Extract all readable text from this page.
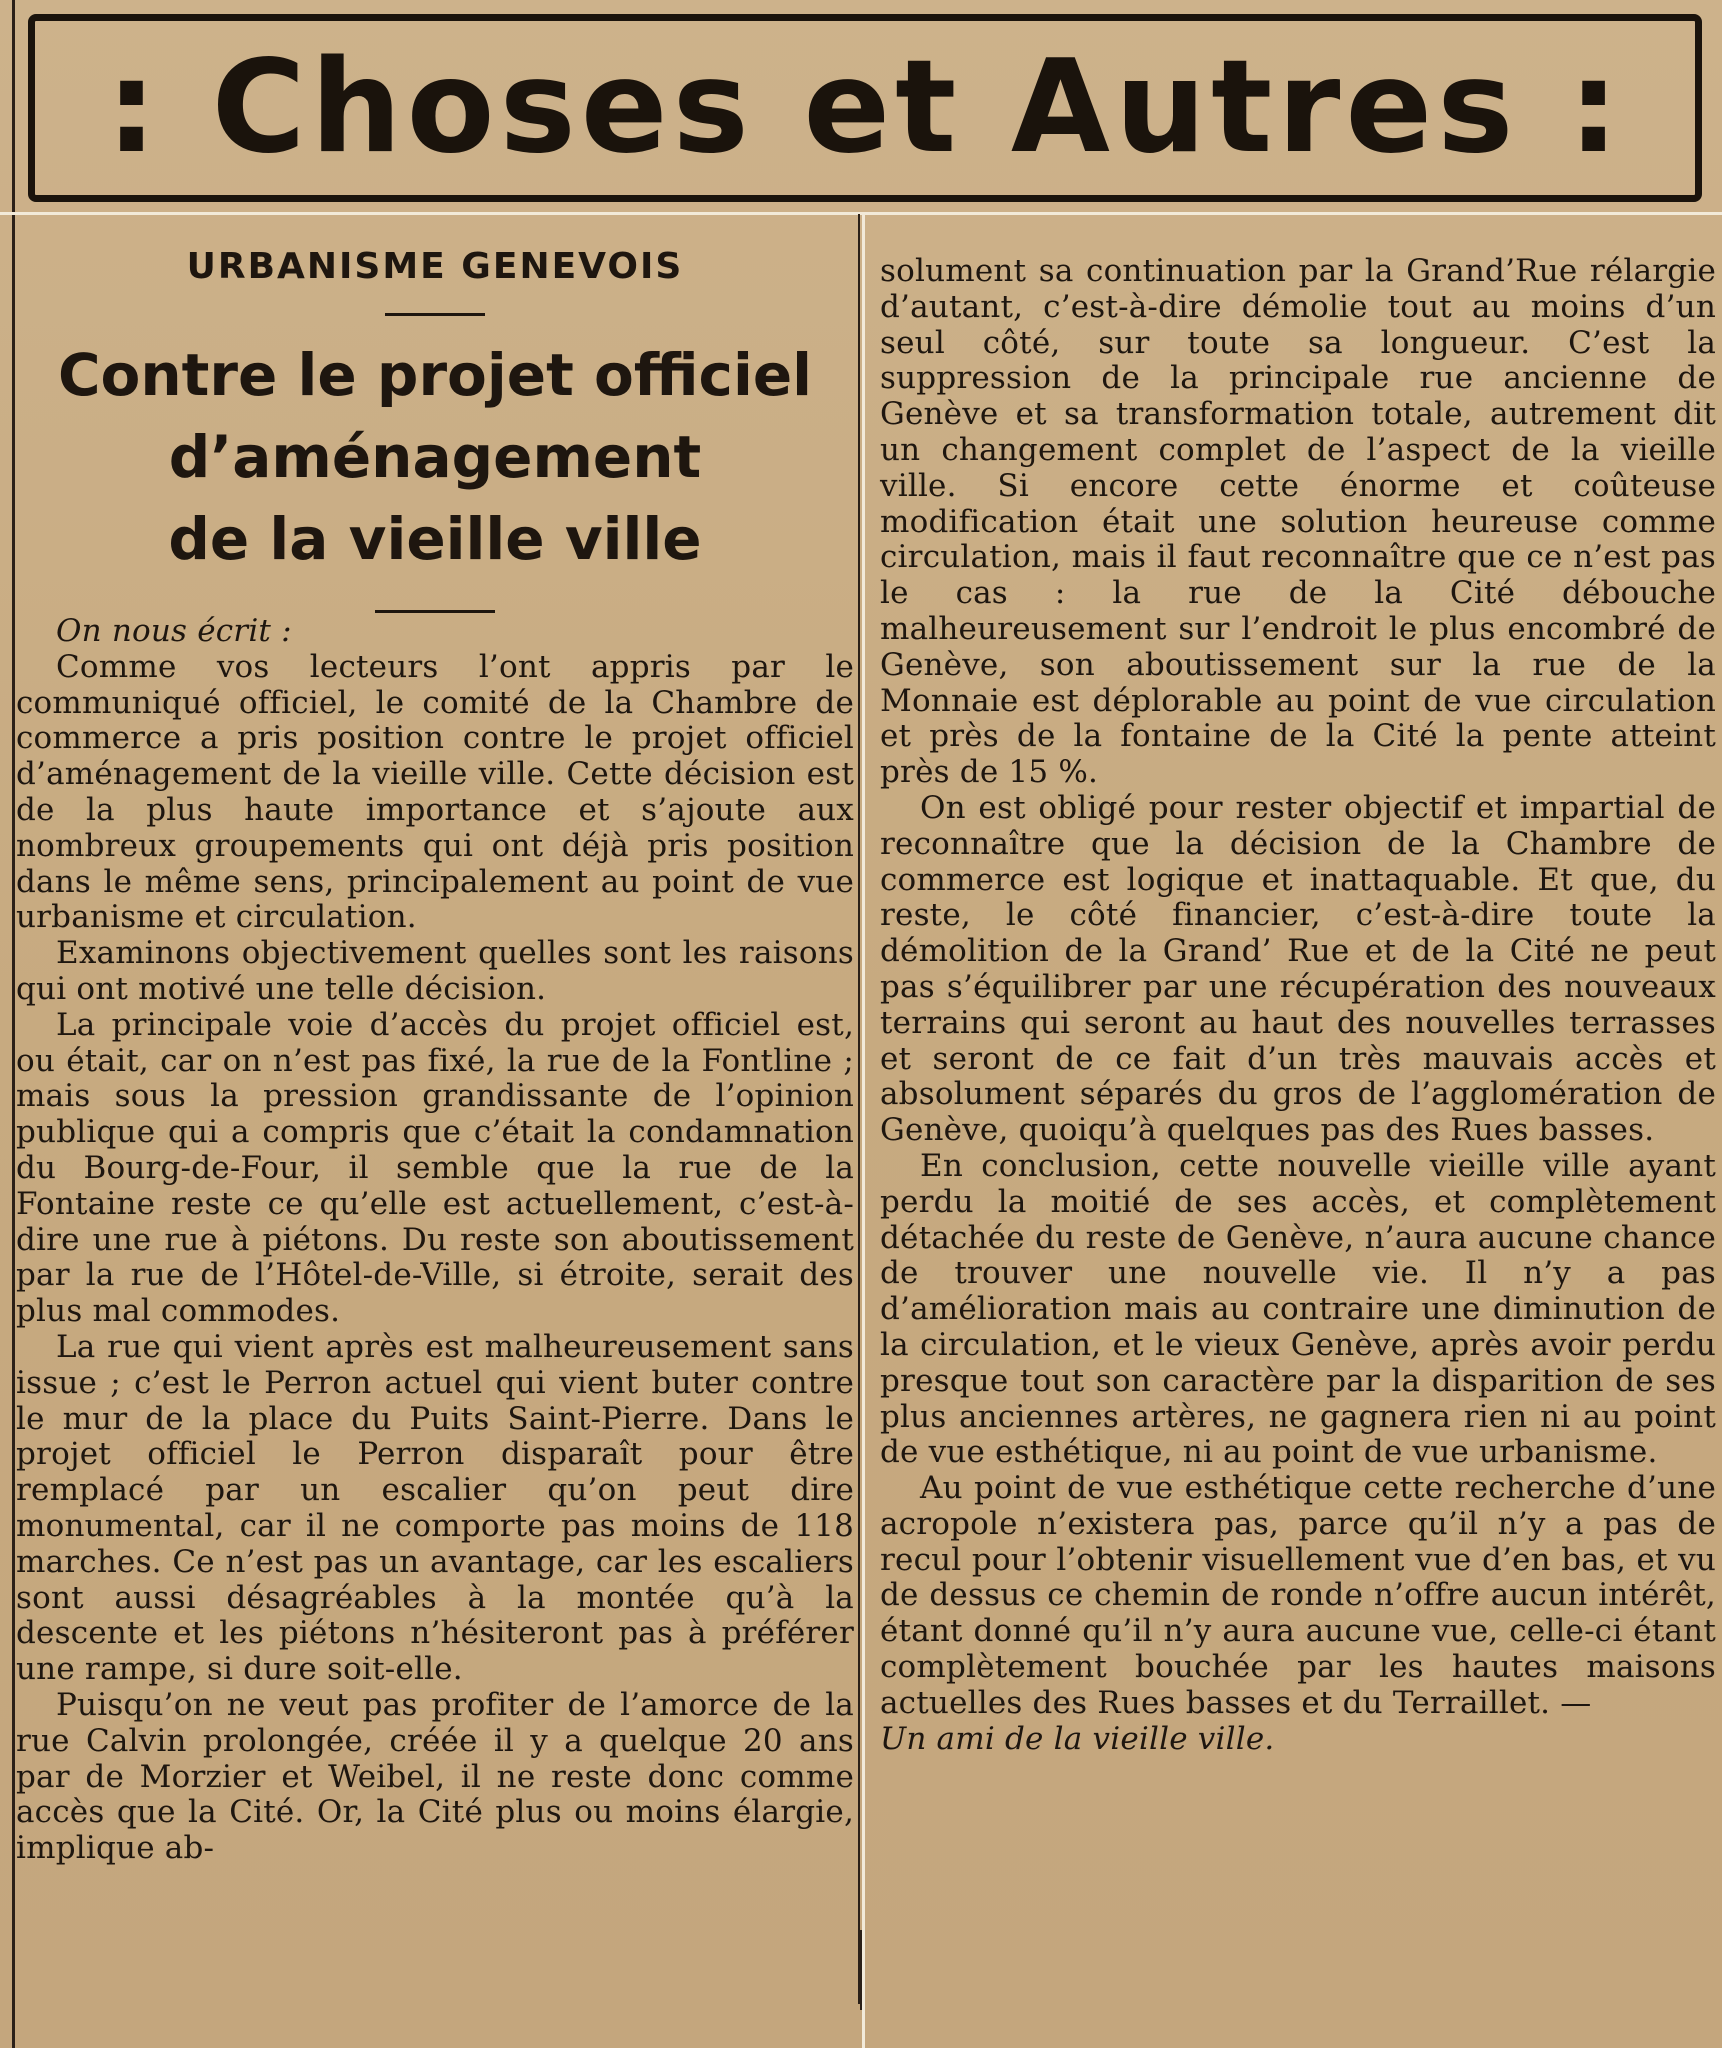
: Choses et Autres :
URBANISME GENEVOIS
Contre le projet officiel
d’aménagement
de la vieille ville

On nous écrit :

Comme vos lecteurs l’ont appris par le communiqué officiel, le comité de la Chambre de commerce a pris position contre le projet officiel d’aménagement de la vieille ville. Cette décision est de la plus haute importance et s’ajoute aux nombreux groupements qui ont déjà pris position dans le même sens, principalement au point de vue urbanisme et circulation.

Examinons objectivement quelles sont les raisons qui ont motivé une telle décision.

La principale voie d’accès du projet officiel est, ou était, car on n’est pas fixé, la rue de la Fontline ; mais sous la pression grandissante de l’opinion publique qui a compris que c’était la condamnation du Bourg-de-Four, il semble que la rue de la Fontaine reste ce qu’elle est actuellement, c’est-à-dire une rue à piétons. Du reste son aboutissement par la rue de l’Hôtel-de-Ville, si étroite, serait des plus mal commodes.

La rue qui vient après est malheureusement sans issue ; c’est le Perron actuel qui vient buter contre le mur de la place du Puits Saint-Pierre. Dans le projet officiel le Perron disparaît pour être remplacé par un escalier qu’on peut dire monumental, car il ne comporte pas moins de 118 marches. Ce n’est pas un avantage, car les escaliers sont aussi désagréables à la montée qu’à la descente et les piétons n’hésiteront pas à préférer une rampe, si dure soit-elle.

Puisqu’on ne veut pas profiter de l’amorce de la rue Calvin prolongée, créée il y a quelque 20 ans par de Morzier et Weibel, il ne reste donc comme accès que la Cité. Or, la Cité plus ou moins élargie, implique ab-

solument sa continuation par la Grand’Rue rélargie d’autant, c’est-à-dire démolie tout au moins d’un seul côté, sur toute sa longueur. C’est la suppression de la principale rue ancienne de Genève et sa transformation totale, autrement dit un changement complet de l’aspect de la vieille ville. Si encore cette énorme et coûteuse modification était une solution heureuse comme circulation, mais il faut reconnaître que ce n’est pas le cas : la rue de la Cité débouche malheureusement sur l’endroit le plus encombré de Genève, son aboutissement sur la rue de la Monnaie est déplorable au point de vue circulation et près de la fontaine de la Cité la pente atteint près de 15 %.

On est obligé pour rester objectif et impartial de reconnaître que la décision de la Chambre de commerce est logique et inattaquable. Et que, du reste, le côté financier, c’est-à-dire toute la démolition de la Grand’ Rue et de la Cité ne peut pas s’équilibrer par une récupération des nouveaux terrains qui seront au haut des nouvelles terrasses et seront de ce fait d’un très mauvais accès et absolument séparés du gros de l’agglomération de Genève, quoiqu’à quelques pas des Rues basses.

En conclusion, cette nouvelle vieille ville ayant perdu la moitié de ses accès, et complètement détachée du reste de Genève, n’aura aucune chance de trouver une nouvelle vie. Il n’y a pas d’amélioration mais au contraire une diminution de la circulation, et le vieux Genève, après avoir perdu presque tout son caractère par la disparition de ses plus anciennes artères, ne gagnera rien ni au point de vue esthétique, ni au point de vue urbanisme.

Au point de vue esthétique cette recherche d’une acropole n’existera pas, parce qu’il n’y a pas de recul pour l’obtenir visuellement vue d’en bas, et vu de dessus ce chemin de ronde n’offre aucun intérêt, étant donné qu’il n’y aura aucune vue, celle-ci étant complètement bouchée par les hautes maisons actuelles des Rues basses et du Terraillet. —

Un ami de la vieille ville.
